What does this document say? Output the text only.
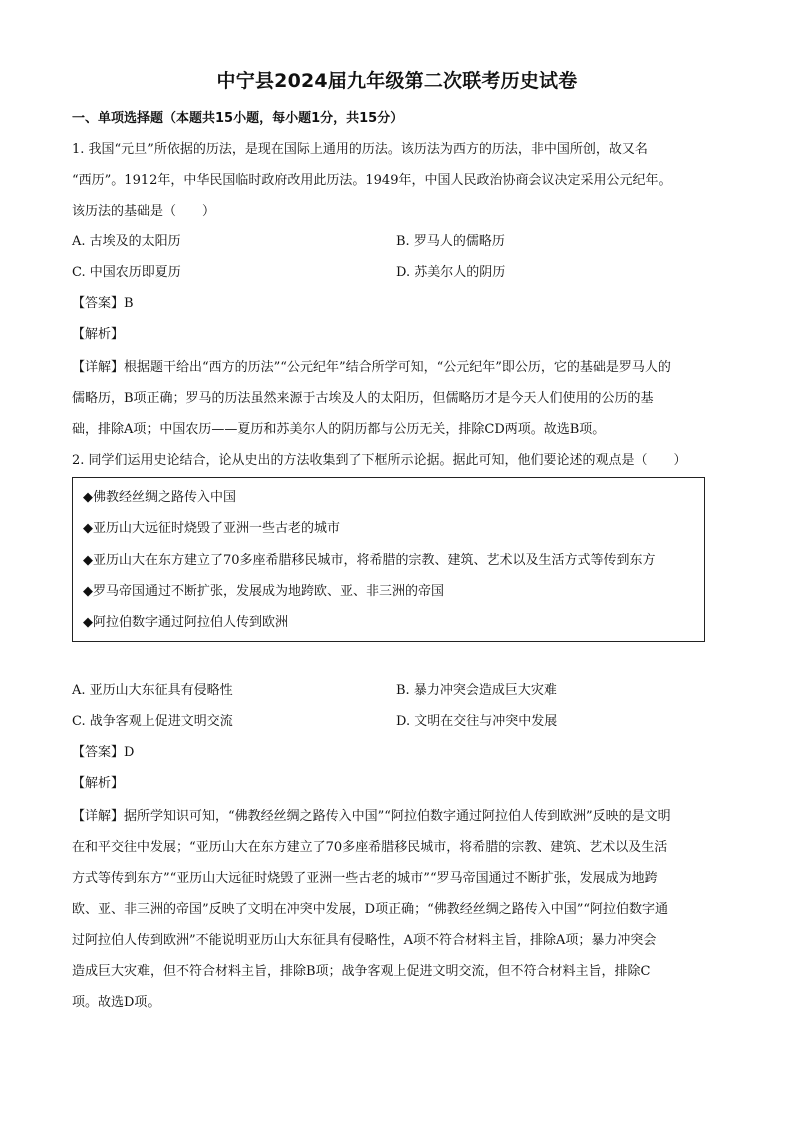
中宁县2024届九年级第二次联考历史试卷
一、单项选择题（本题共15小题，每小题1分，共15分）
1. 我国“元旦”所依据的历法，是现在国际上通用的历法。该历法为西方的历法，非中国所创，故又名
“西历”。1912年，中华民国临时政府改用此历法。1949年，中国人民政治协商会议决定采用公元纪年。
该历法的基础是（　　）
A. 古埃及的太阳历	B. 罗马人的儒略历
C. 中国农历即夏历	D. 苏美尔人的阴历
【答案】B
【解析】
【详解】根据题干给出“西方的历法”“公元纪年”结合所学可知，“公元纪年”即公历，它的基础是罗马人的
儒略历，B项正确；罗马的历法虽然来源于古埃及人的太阳历，但儒略历才是今天人们使用的公历的基
础，排除A项；中国农历——夏历和苏美尔人的阴历都与公历无关，排除CD两项。故选B项。
2. 同学们运用史论结合，论从史出的方法收集到了下框所示论据。据此可知，他们要论述的观点是（　　）
◆佛教经丝绸之路传入中国
◆亚历山大远征时烧毁了亚洲一些古老的城市
◆亚历山大在东方建立了70多座希腊移民城市，将希腊的宗教、建筑、艺术以及生活方式等传到东方
◆罗马帝国通过不断扩张，发展成为地跨欧、亚、非三洲的帝国
◆阿拉伯数字通过阿拉伯人传到欧洲
A. 亚历山大东征具有侵略性	B. 暴力冲突会造成巨大灾难
C. 战争客观上促进文明交流	D. 文明在交往与冲突中发展
【答案】D
【解析】
【详解】据所学知识可知，“佛教经丝绸之路传入中国”“阿拉伯数字通过阿拉伯人传到欧洲”反映的是文明
在和平交往中发展；“亚历山大在东方建立了70多座希腊移民城市，将希腊的宗教、建筑、艺术以及生活
方式等传到东方”“亚历山大远征时烧毁了亚洲一些古老的城市”“罗马帝国通过不断扩张，发展成为地跨
欧、亚、非三洲的帝国”反映了文明在冲突中发展，D项正确；“佛教经丝绸之路传入中国”“阿拉伯数字通
过阿拉伯人传到欧洲”不能说明亚历山大东征具有侵略性，A项不符合材料主旨，排除A项；暴力冲突会
造成巨大灾难，但不符合材料主旨，排除B项；战争客观上促进文明交流，但不符合材料主旨，排除C
项。故选D项。
